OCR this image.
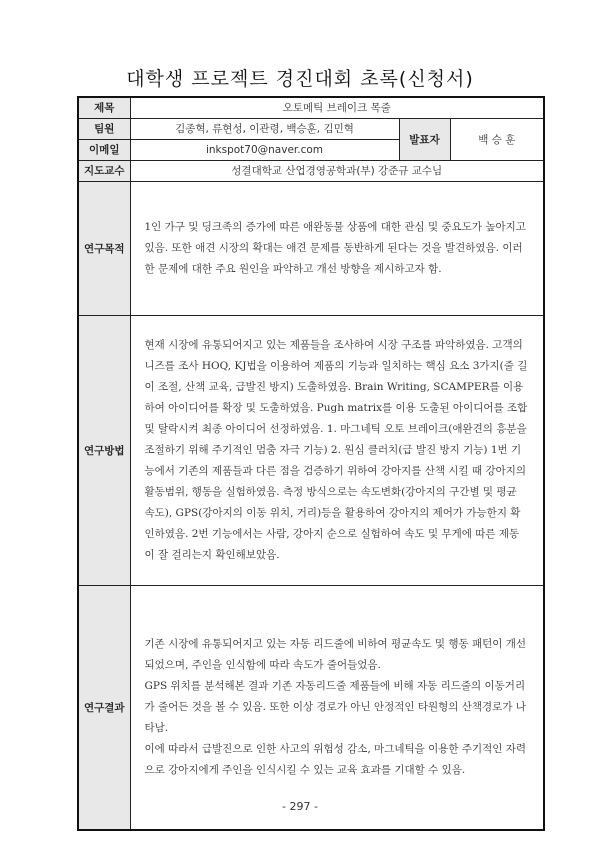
대학생 프로젝트 경진대회 초록(신청서)
제목	오토메틱 브레이크 목줄		
팀원	김종혁, 류현성, 이관령, 백승훈, 김민혁	발표자	백 승 훈
이메일	inkspot70@naver.com		
지도교수	성결대학교 산업경영공학과(부) 강준규 교수님		
연구목적	1인 가구 및 딩크족의 증가에 따른 애완동물 상품에 대한 관심 및 중요도가 높아지고 있음. 또한 애견 시장의 확대는 애견 문제를 동반하게 된다는 것을 발견하였음. 이러한 문제에 대한 주요 원인을 파악하고 개선 방향을 제시하고자 함.		

연구방법	현재 시장에 유통되어지고 있는 제품들을 조사하여 시장 구조를 파악하였음. 고객의 니즈를 조사 HOQ, KJ법을 이용하여 제품의 기능과 일치하는 핵심 요소 3가지(줄 길이 조절, 산책 교육, 급발진 방지) 도출하였음. Brain Writing, SCAMPER를 이용하여 아이디어를 확장 및 도출하였음. Pugh matrix를 이용 도출된 아이디어를 조합 및 탈락시켜 최종 아이디어 선정하였음. 1. 마그네틱 오토 브레이크(애완견의 흥분을 조절하기 위해 주기적인 멈춤 자극 기능) 2. 원심 클러치(급 발진 방지 기능) 1번 기능에서 기존의 제품들과 다른 점을 검증하기 위하여 강아지를 산책 시킬 때 강아지의 활동범위, 행동을 실험하였음. 측정 방식으로는 속도변화(강아지의 구간별 및 평균 속도), GPS(강아지의 이동 위치, 거리)등을 활용하여 강아지의 제어가 가능한지 확인하였음. 2번 기능에서는 사람, 강아지 순으로 실험하여 속도 및 무게에 따른 제동이 잘 걸리는지 확인해보았음.		

연구결과	기존 시장에 유통되어지고 있는 자동 리드줄에 비하여 평균속도 및 행동 패턴이 개선되었으며, 주인을 인식함에 따라 속도가 줄어들었음.

GPS 위치를 분석해본 결과 기존 자동리드줄 제품들에 비해 자동 리드줄의 이동거리가 줄어든 것을 볼 수 있음. 또한 이상 경로가 아닌 안정적인 타원형의 산책경로가 나타남.

이에 따라서 급발진으로 인한 사고의 위험성 감소, 마그네틱을 이용한 주기적인 자력으로 강아지에게 주인을 인식시킬 수 있는 교육 효과를 기대할 수 있음.		

- 297 -
